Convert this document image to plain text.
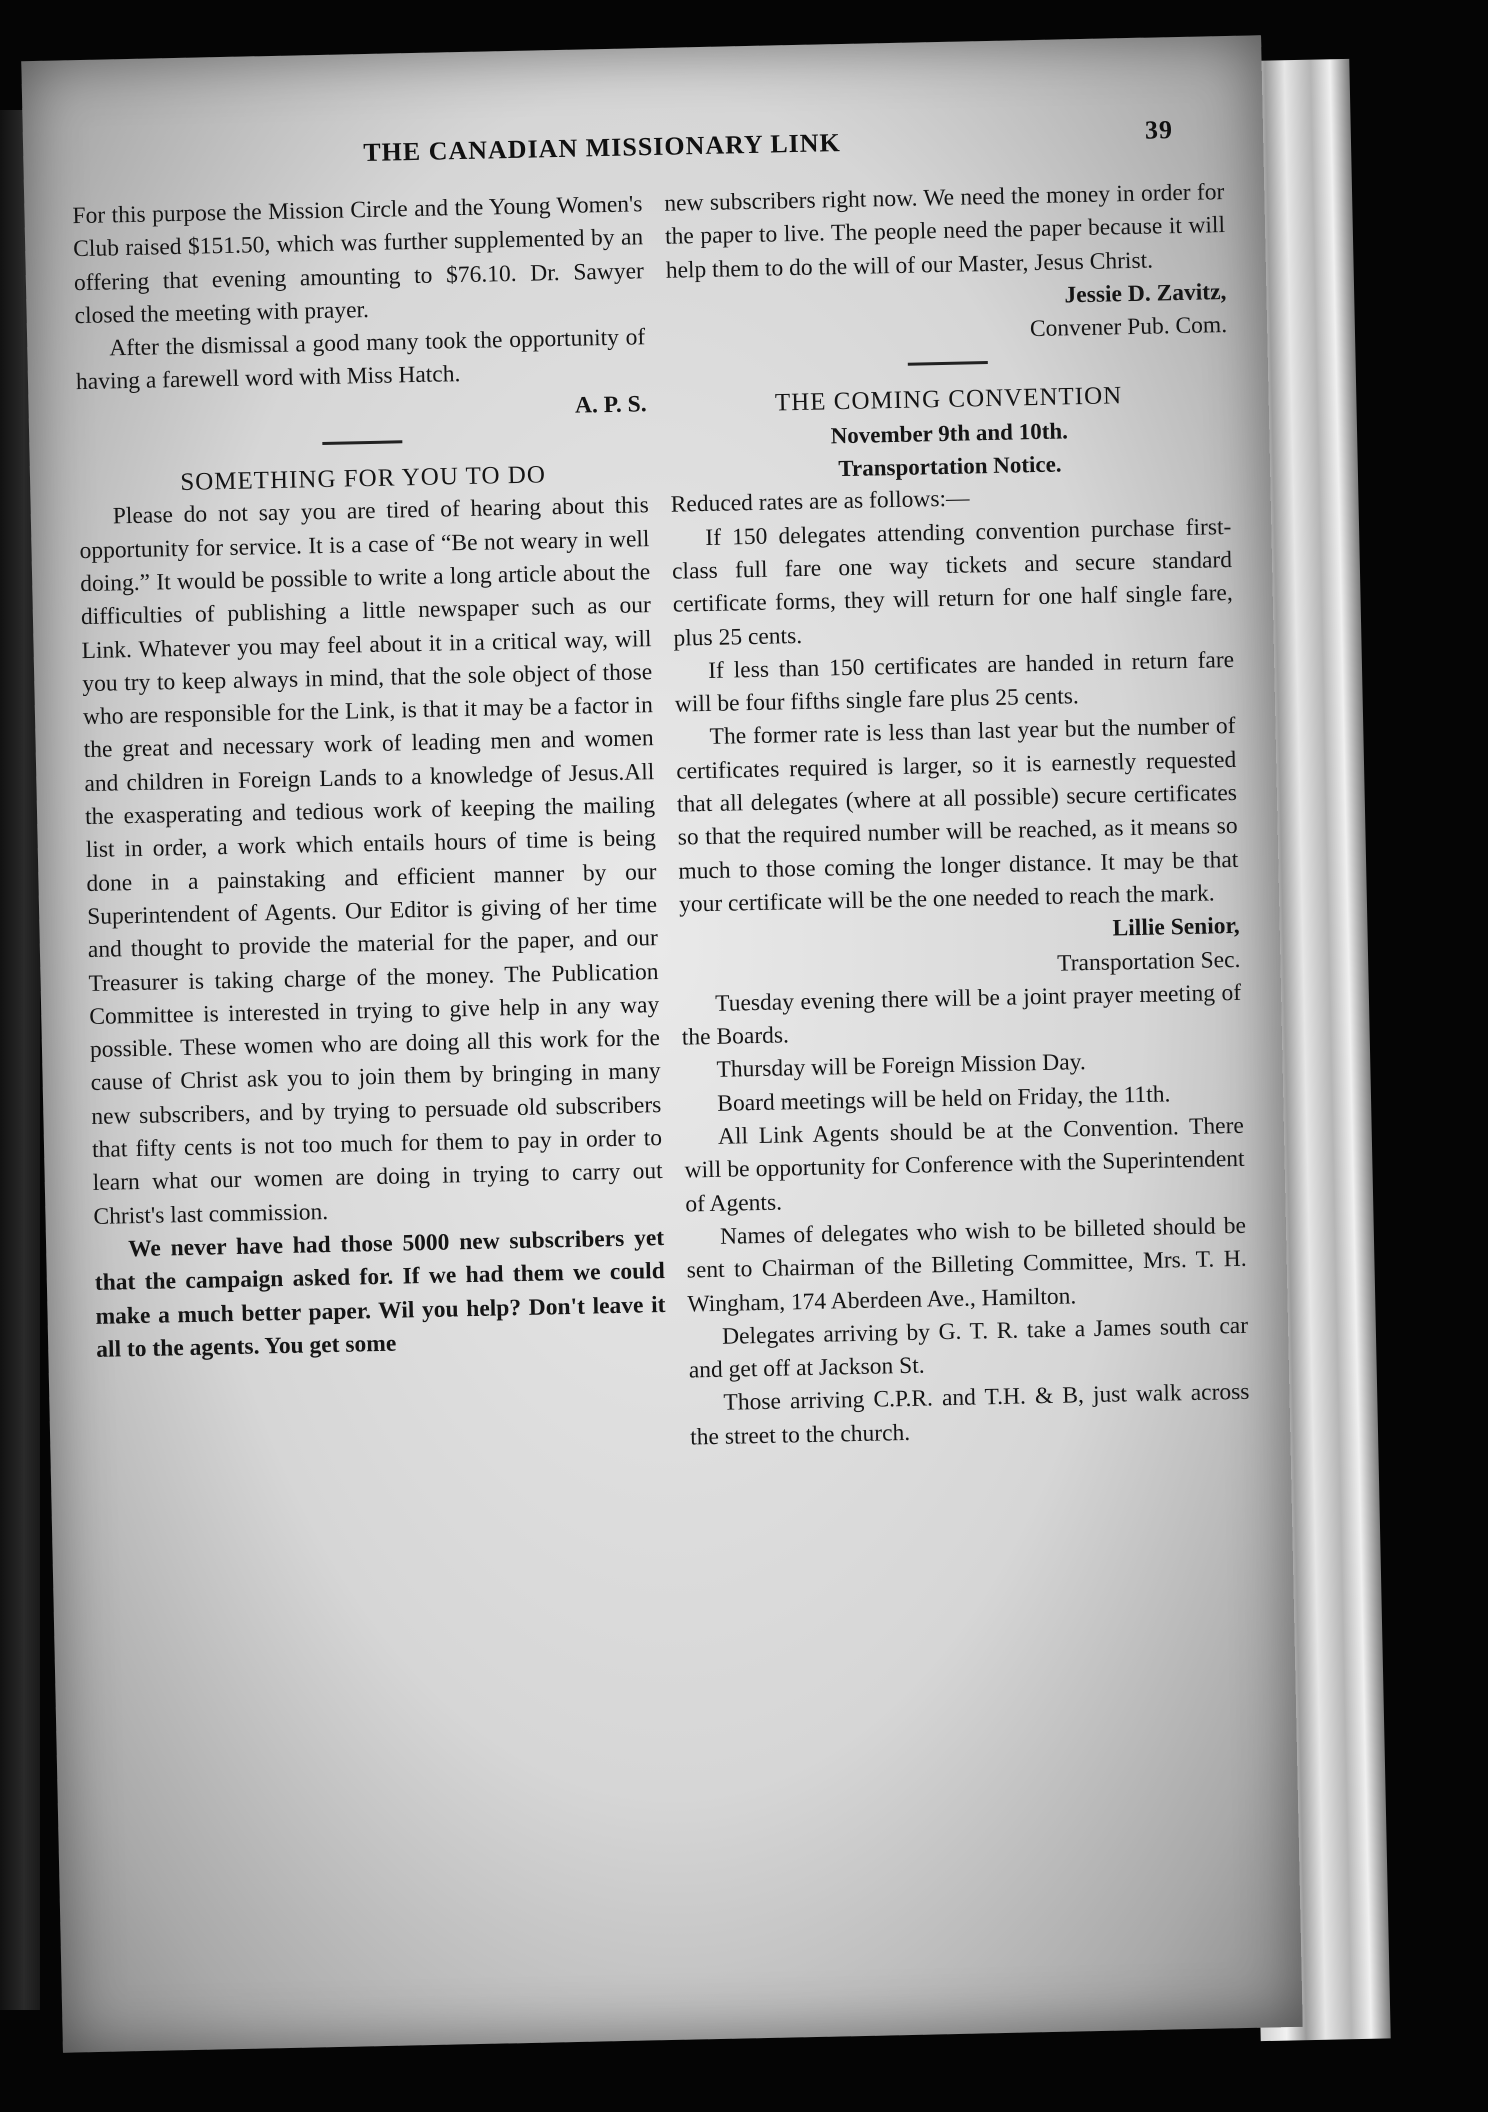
THE CANADIAN MISSIONARY LINK	39

For this purpose the Mission Circle and the Young Women's Club raised $151.50, which was further supplemented by an offering that evening amounting to $76.10. Dr. Sawyer closed the meeting with prayer.

After the dismissal a good many took the opportunity of having a farewell word with Miss Hatch.

A. P. S.

SOMETHING FOR YOU TO DO

Please do not say you are tired of hearing about this opportunity for service. It is a case of “Be not weary in well doing.” It would be possible to write a long article about the difficulties of publishing a little newspaper such as our Link. Whatever you may feel about it in a critical way, will you try to keep always in mind, that the sole object of those who are responsible for the Link, is that it may be a factor in the great and necessary work of leading men and women and children in Foreign Lands to a knowledge of Jesus.All the exasperating and tedious work of keeping the mailing list in order, a work which entails hours of time is being done in a painstaking and efficient manner by our Superintendent of Agents. Our Editor is giving of her time and thought to provide the material for the paper, and our Treasurer is taking charge of the money. The Publication Committee is interested in trying to give help in any way possible. These women who are doing all this work for the cause of Christ ask you to join them by bringing in many new subscribers, and by trying to persuade old subscribers that fifty cents is not too much for them to pay in order to learn what our women are doing in trying to carry out Christ's last commission.

We never have had those 5000 new subscribers yet that the campaign asked for. If we had them we could make a much better paper. Wil you help? Don't leave it all to the agents. You get some

new subscribers right now. We need the money in order for the paper to live. The people need the paper because it will help them to do the will of our Master, Jesus Christ.

Jessie D. Zavitz,

Convener Pub. Com.

THE COMING CONVENTION

November 9th and 10th.

Transportation Notice.

Reduced rates are as follows:—

If 150 delegates attending convention purchase first-class full fare one way tickets and secure standard certificate forms, they will return for one half single fare, plus 25 cents.

If less than 150 certificates are handed in return fare will be four fifths single fare plus 25 cents.

The former rate is less than last year but the number of certificates required is larger, so it is earnestly requested that all delegates (where at all possible) secure certificates so that the required number will be reached, as it means so much to those coming the longer distance. It may be that your certificate will be the one needed to reach the mark.

Lillie Senior,

Transportation Sec.

Tuesday evening there will be a joint prayer meeting of the Boards.

Thursday will be Foreign Mission Day.

Board meetings will be held on Friday, the 11th.

All Link Agents should be at the Convention. There will be opportunity for Conference with the Superintendent of Agents.

Names of delegates who wish to be billeted should be sent to Chairman of the Billeting Committee, Mrs. T. H. Wingham, 174 Aberdeen Ave., Hamilton.

Delegates arriving by G. T. R. take a James south car and get off at Jackson St.

Those arriving C.P.R. and T.H. & B, just walk across the street to the church.
